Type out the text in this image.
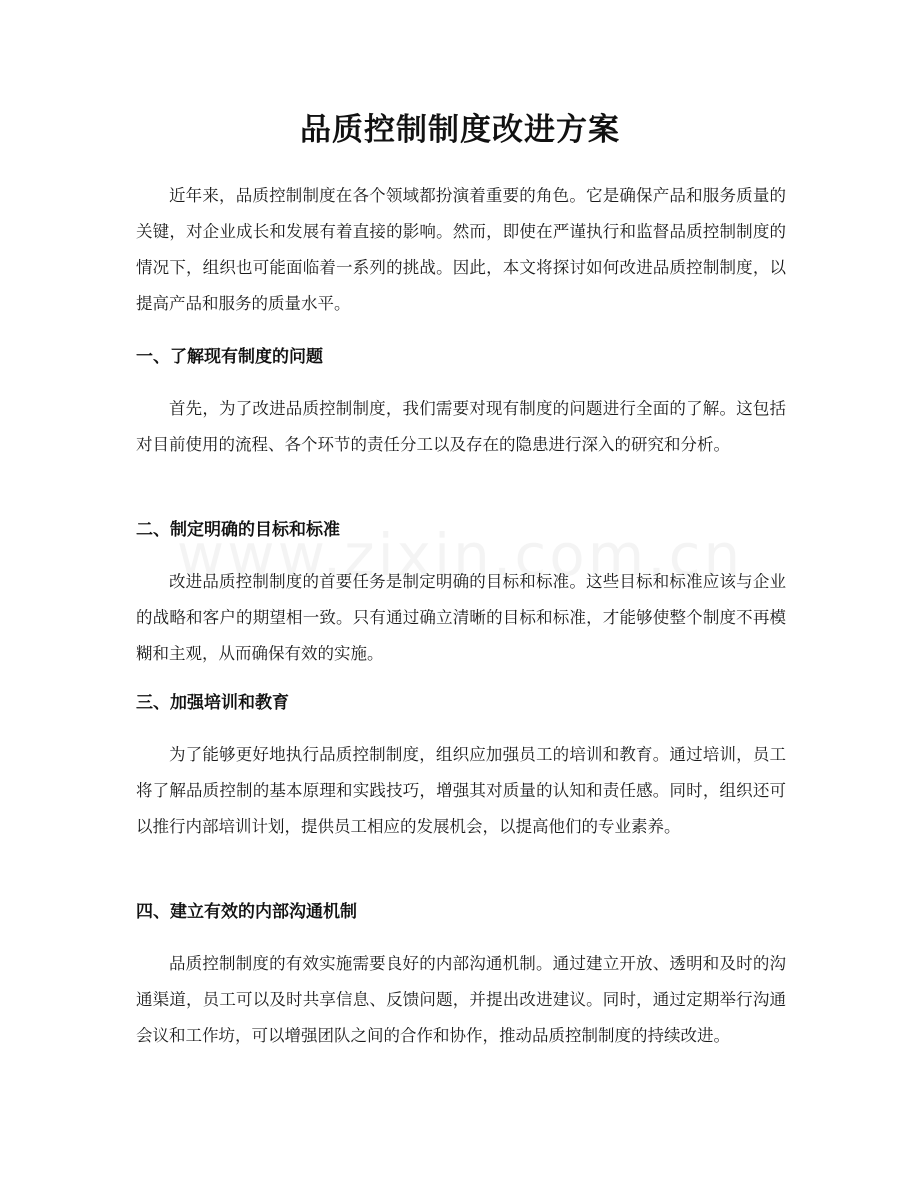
品质控制制度改进方案

近年来，品质控制制度在各个领域都扮演着重要的角色。它是确保产品和服务质量的关键，对企业成长和发展有着直接的影响。然而，即使在严谨执行和监督品质控制制度的情况下，组织也可能面临着一系列的挑战。因此，本文将探讨如何改进品质控制制度，以提高产品和服务的质量水平。

一、了解现有制度的问题

首先，为了改进品质控制制度，我们需要对现有制度的问题进行全面的了解。这包括对目前使用的流程、各个环节的责任分工以及存在的隐患进行深入的研究和分析。

二、制定明确的目标和标准

改进品质控制制度的首要任务是制定明确的目标和标准。这些目标和标准应该与企业的战略和客户的期望相一致。只有通过确立清晰的目标和标准，才能够使整个制度不再模糊和主观，从而确保有效的实施。

三、加强培训和教育

为了能够更好地执行品质控制制度，组织应加强员工的培训和教育。通过培训，员工将了解品质控制的基本原理和实践技巧，增强其对质量的认知和责任感。同时，组织还可以推行内部培训计划，提供员工相应的发展机会，以提高他们的专业素养。

四、建立有效的内部沟通机制

品质控制制度的有效实施需要良好的内部沟通机制。通过建立开放、透明和及时的沟通渠道，员工可以及时共享信息、反馈问题，并提出改进建议。同时，通过定期举行沟通会议和工作坊，可以增强团队之间的合作和协作，推动品质控制制度的持续改进。
